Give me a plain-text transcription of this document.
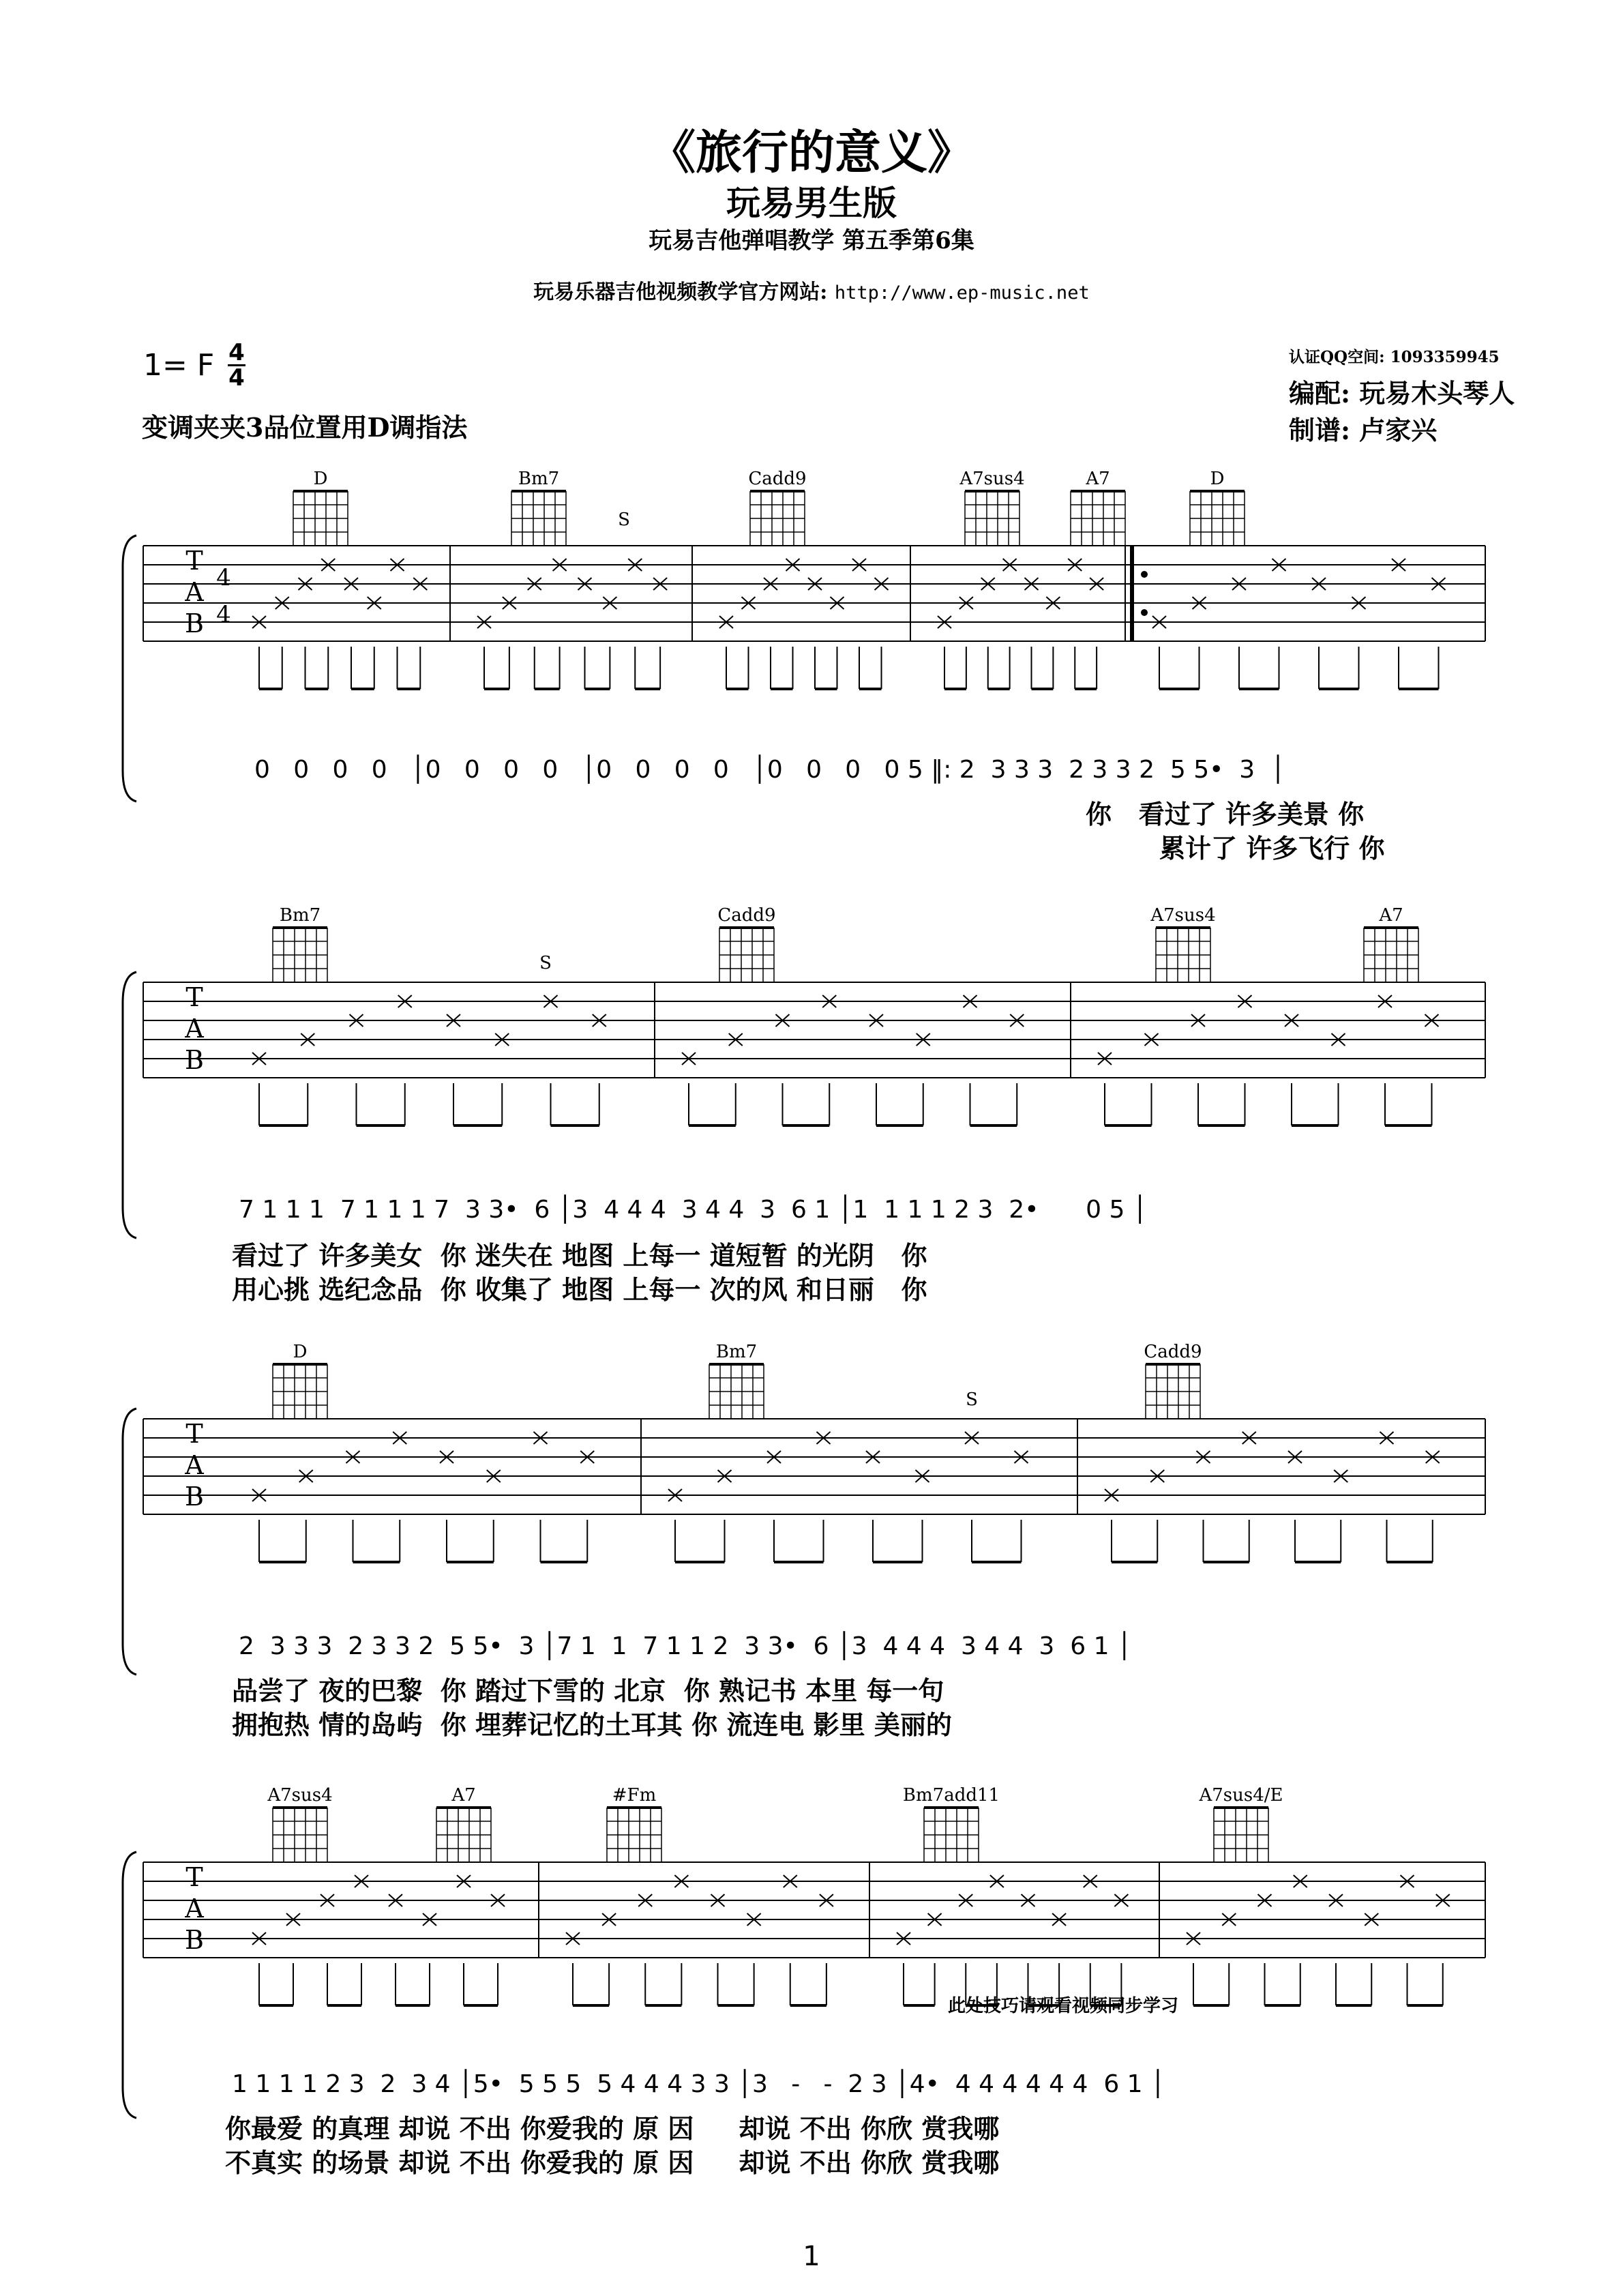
《旅行的意义》
玩易男生版
玩易吉他弹唱教学 第五季第6集
玩易乐器吉他视频教学官方网站: http://www.ep-music.net
1= F 4
4
变调夹夹3品位置用D调指法
认证QQ空间: 1093359945
编配: 玩易木头琴人
制谱: 卢家兴
T
A
B
4
4
D	Bm7	Cadd9	A7sus4	A7	D
T
A
B
Bm7	Cadd9	A7sus4	A7
T
A
B
D	Bm7	Cadd9
T
A
B
A7sus4	A7	#Fm	Bm7add11	A7sus4/E
S
S
S
0   0   0   0   │0   0   0   0   │0   0   0   0   │0   0   0   0 5 ‖: 2  3 3 3  2 3 3 2  5 5•  3  │
你   看过了 许多美景 你
累计了 许多飞行 你
7 1 1 1  7 1 1 1 7  3 3•  6 │3  4 4 4  3 4 4  3  6 1 │1  1 1 1 2 3  2•      0 5 │
看过了 许多美女  你 迷失在 地图 上每一 道短暂 的光阴   你
用心挑 选纪念品  你 收集了 地图 上每一 次的风 和日丽   你
2  3 3 3  2 3 3 2  5 5•  3 │7 1  1  7 1 1 2  3 3•  6 │3  4 4 4  3 4 4  3  6 1 │
品尝了 夜的巴黎  你 踏过下雪的 北京  你 熟记书 本里 每一句
拥抱热 情的岛屿  你 埋葬记忆的土耳其 你 流连电 影里 美丽的
此处技巧请观看视频同步学习
1 1 1 1 2 3  2  3 4 │5•  5 5 5  5 4 4 4 3 3 │3   -   -  2 3 │4•  4 4 4 4 4 4  6 1 │
你最爱 的真理 却说 不出 你爱我的 原 因     却说 不出 你欣 赏我哪
不真实 的场景 却说 不出 你爱我的 原 因     却说 不出 你欣 赏我哪
1
